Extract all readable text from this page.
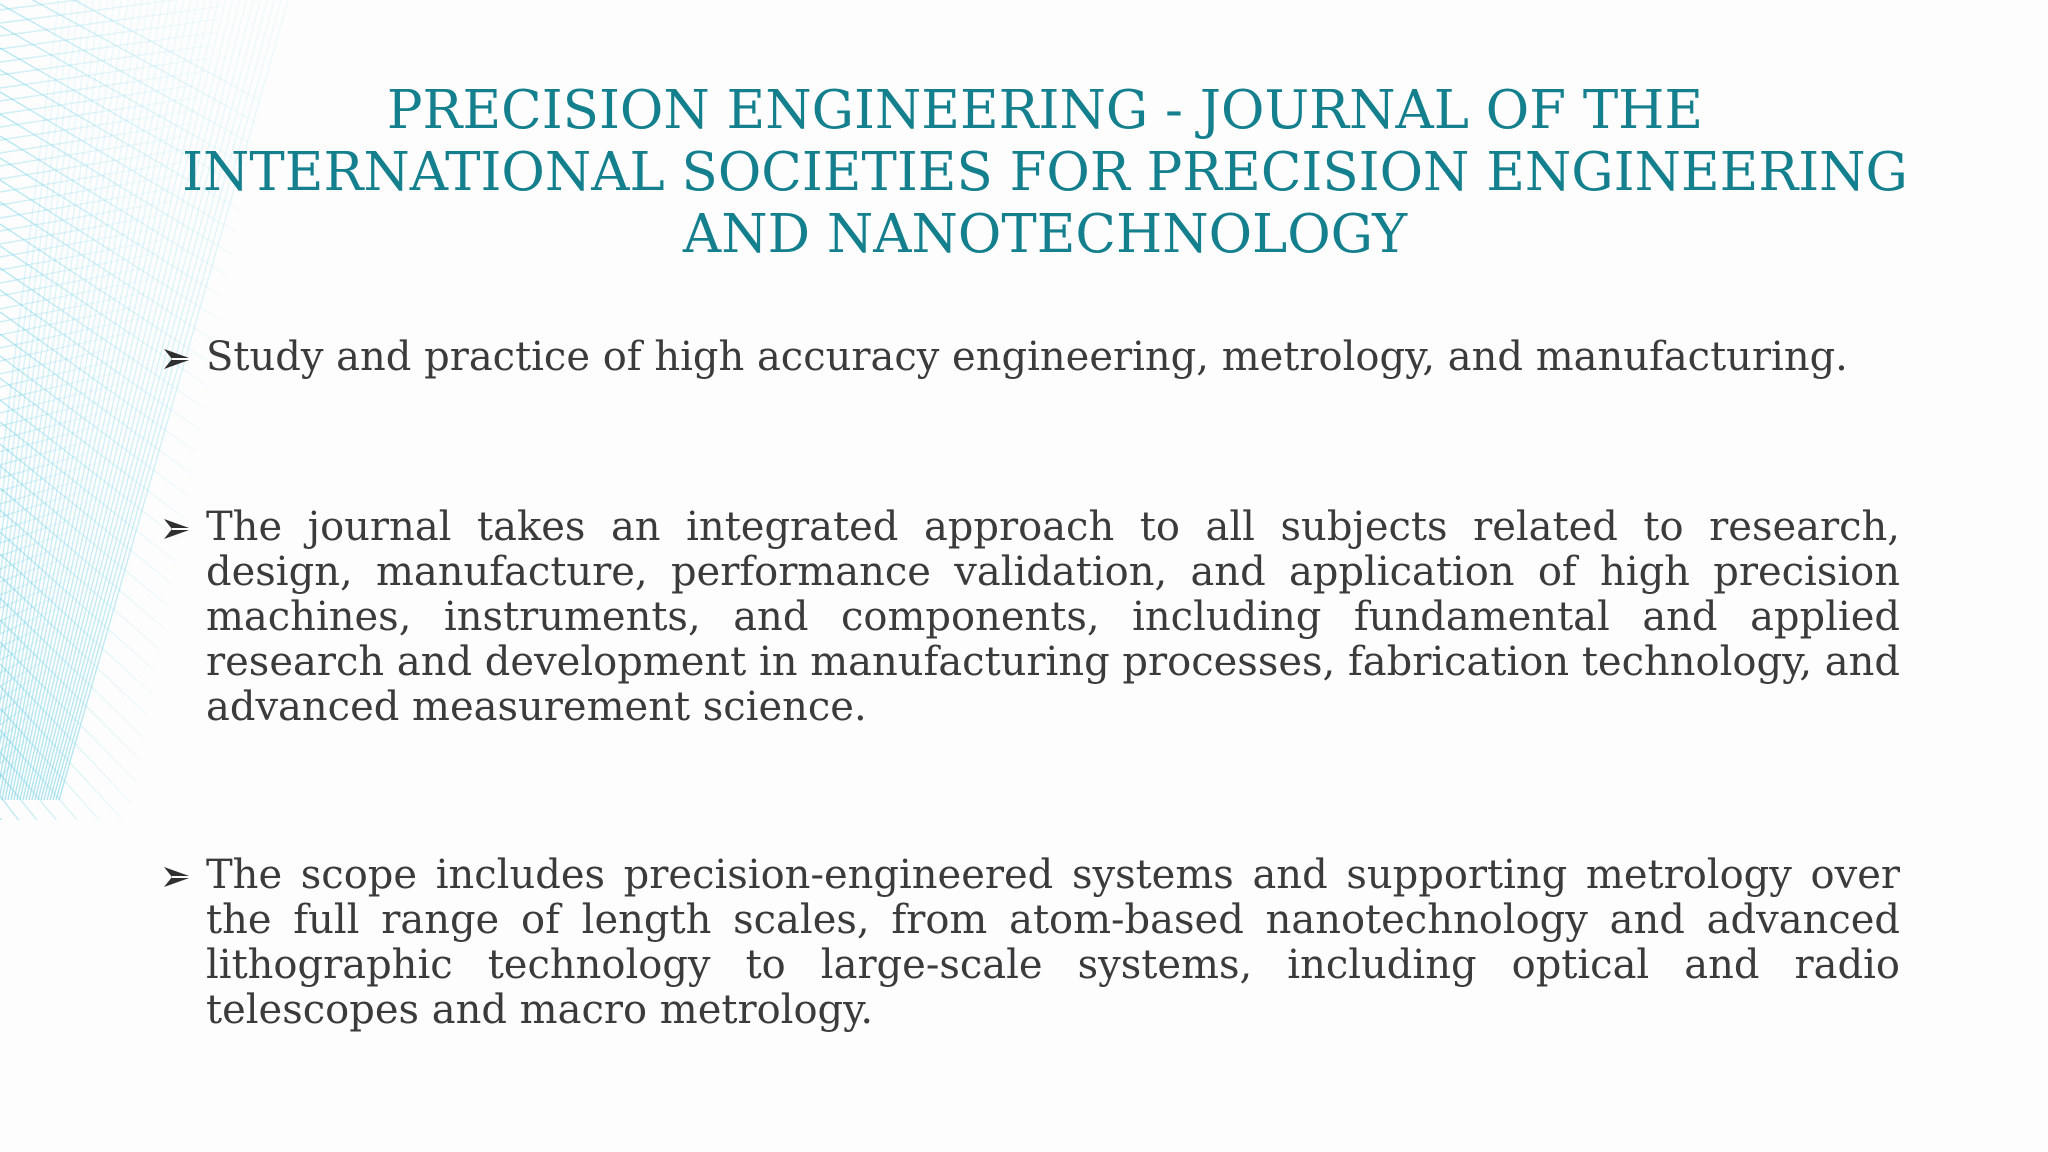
PRECISION ENGINEERING - JOURNAL OF THE INTERNATIONAL SOCIETIES FOR PRECISION ENGINEERING AND NANOTECHNOLOGY
Study and practice of high accuracy engineering, metrology, and manufacturing.
The journal takes an integrated approach to all subjects related to research, design, manufacture, performance validation, and application of high precision machines, instruments, and components, including fundamental and applied research and development in manufacturing processes, fabrication technology, and advanced measurement science.
The scope includes precision-engineered systems and supporting metrology over the full range of length scales, from atom-based nanotechnology and advanced lithographic technology to large-scale systems, including optical and radio telescopes and macro metrology.
